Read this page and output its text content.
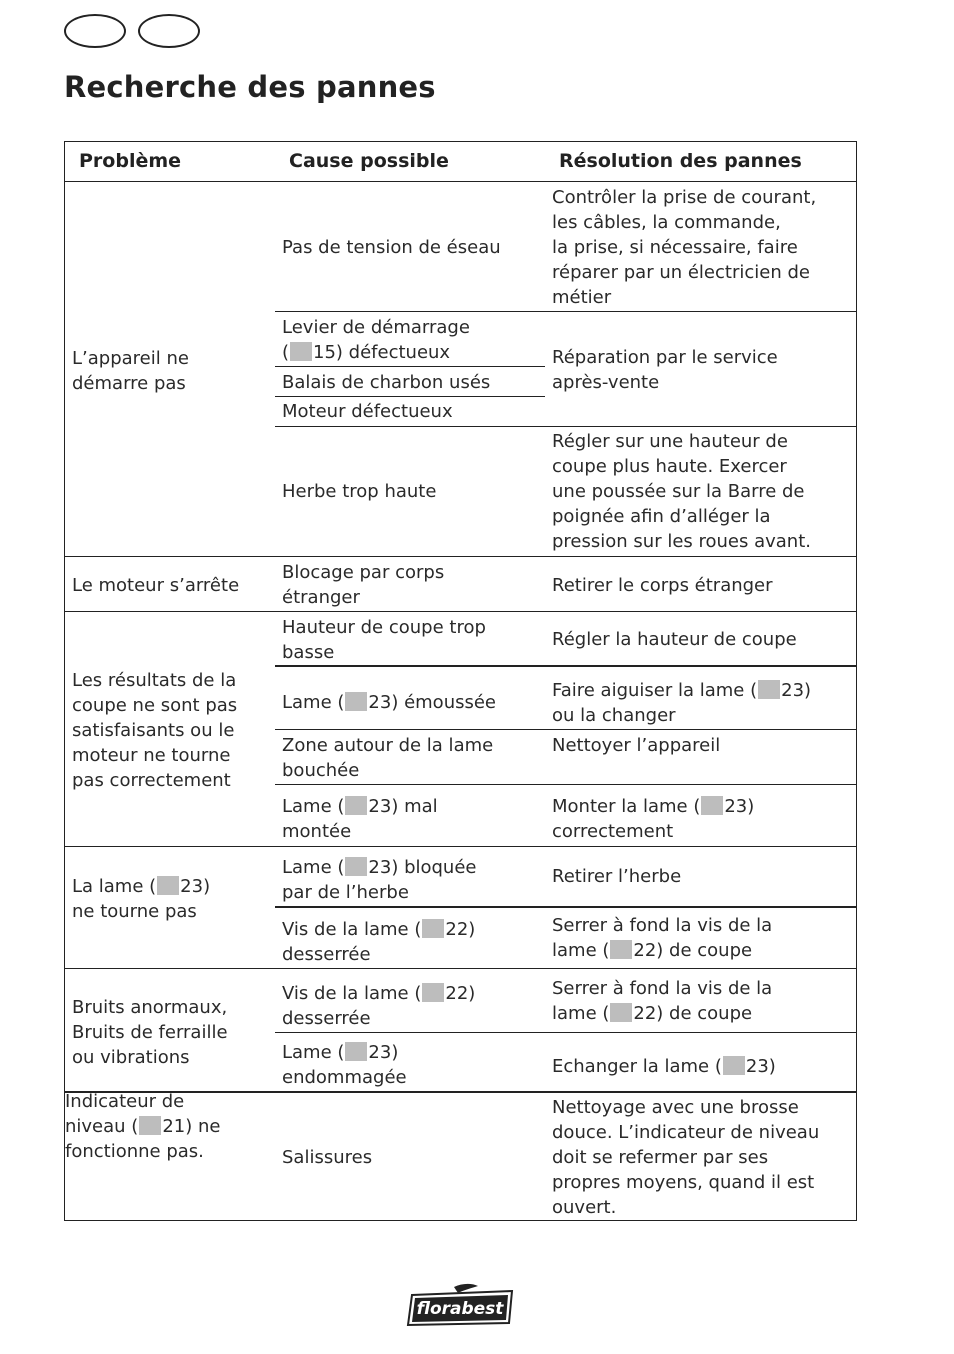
Recherche des pannes
Problème	Cause possible	Résolution des pannes
L’appareil ne
démarre pas
Le moteur s’arrête
Les résultats de la
coupe ne sont pas
satisfaisants ou le
moteur ne tourne
pas correctement
La lame ( 23)
ne tourne pas
Bruits anormaux,
Bruits de ferraille
ou vibrations
Indicateur de
niveau ( 21) ne
fonctionne pas.
Pas de tension de éseau
Levier de démarrage
( 15) défectueux
Balais de charbon usés
Moteur défectueux
Herbe trop haute
Blocage par corps
étranger
Hauteur de coupe trop
basse
Lame ( 23) émoussée
Zone autour de la lame
bouchée
Lame ( 23) mal
montée
Lame ( 23) bloquée
par de l’herbe
Vis de la lame ( 22)
desserrée
Vis de la lame ( 22)
desserrée
Lame ( 23)
endommagée
Salissures
Contrôler la prise de courant,
les câbles, la commande,
la prise, si nécessaire, faire
réparer par un électricien de
métier
Réparation par le service
après-vente
Régler sur une hauteur de
coupe plus haute. Exercer
une poussée sur la Barre de
poignée afin d’alléger la
pression sur les roues avant.
Retirer le corps étranger
Régler la hauteur de coupe
Faire aiguiser la lame ( 23)
ou la changer
Nettoyer l’appareil
Monter la lame ( 23)
correctement
Retirer l’herbe
Serrer à fond la vis de la
lame ( 22) de coupe
Serrer à fond la vis de la
lame ( 22) de coupe
Echanger la lame ( 23)
Nettoyage avec une brosse
douce. L’indicateur de niveau
doit se refermer par ses
propres moyens, quand il est
ouvert.
florabest
